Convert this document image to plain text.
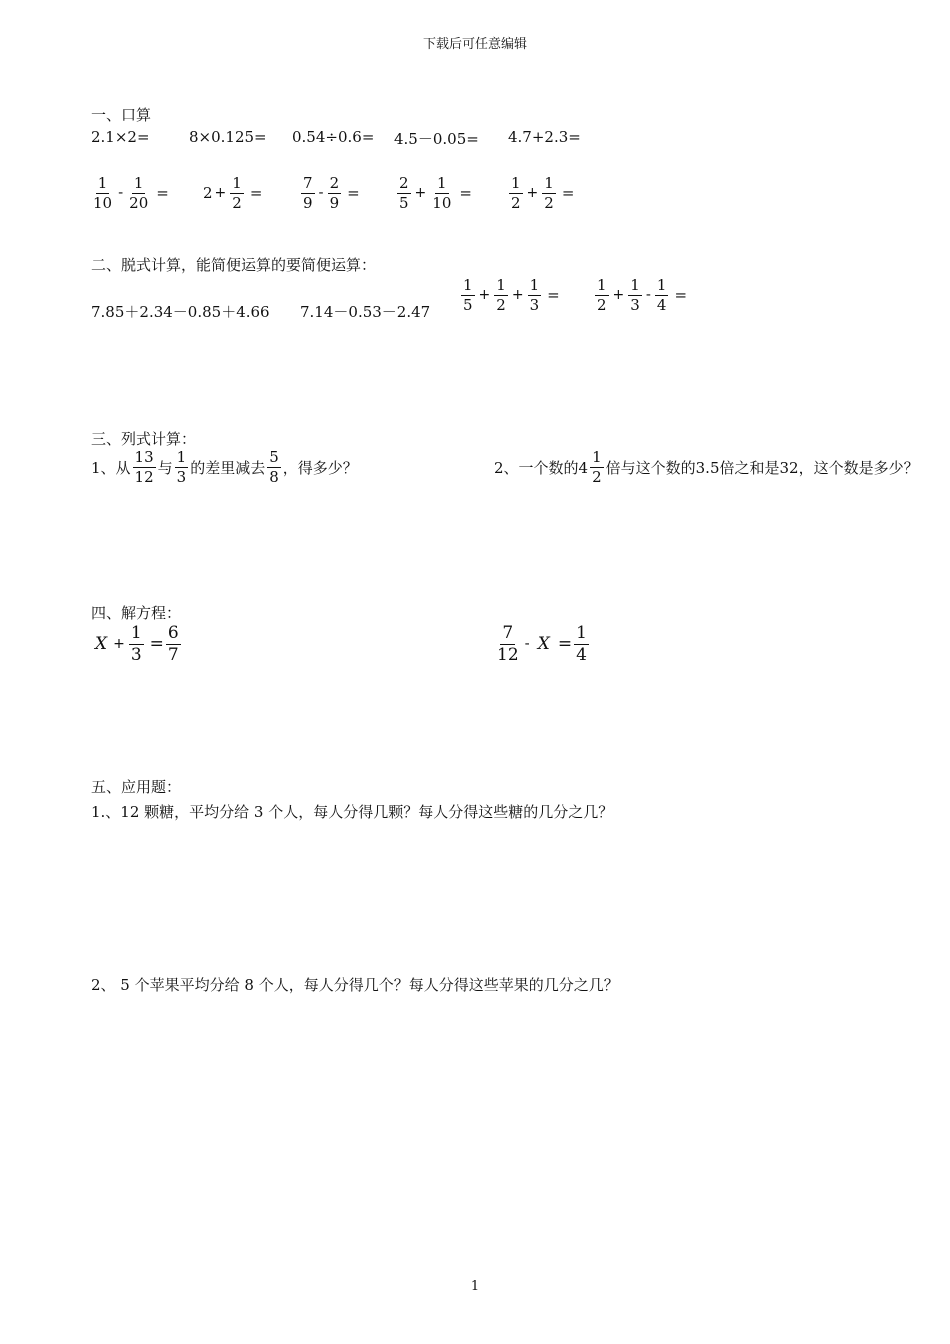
下载后可任意编辑
一、口算
2.1×2=	8×0.125= 0.54÷0.6= 4.5－0.05= 4.7+2.3=
$\frac{1}{10} - \frac{1}{20} = 2 + \frac{1}{2}$ =	$\frac{7}{9} - \frac{2}{9} = \frac{2}{5} + \frac{1}{10} = \frac{1}{2} + \frac{1}{2}$ =
二、脱式计算，能简便运算的要简便运算：
7.85＋2.34－0.85＋4.66 $7.14-0.53-2.47 \frac{1}{5} + \frac{1}{2} + \frac{1}{3} = \frac{1}{2} + \frac{1}{3} - \frac{1}{4}$ =
三、列式计算：
1、从 $\frac{13}{12}$ 与 $\frac{1}{3}$ 的差里减去 $\frac{5}{8}$ ，得多少？	2、一个数的$4 \frac{1}{2}$ 倍与这个数的3.5倍之和是32，这个数是多少？
四、解方程：
$X + \frac{1}{3} = \frac{6}{7}$	$\frac{7}{12} - X = \frac{1}{4}$
五、应用题：
1.、12 颗糖，平均分给 3 个人，每人分得几颗？每人分得这些糖的几分之几？
2、 5 个苹果平均分给 8 个人，每人分得几个？每人分得这些苹果的几分之几？
1
